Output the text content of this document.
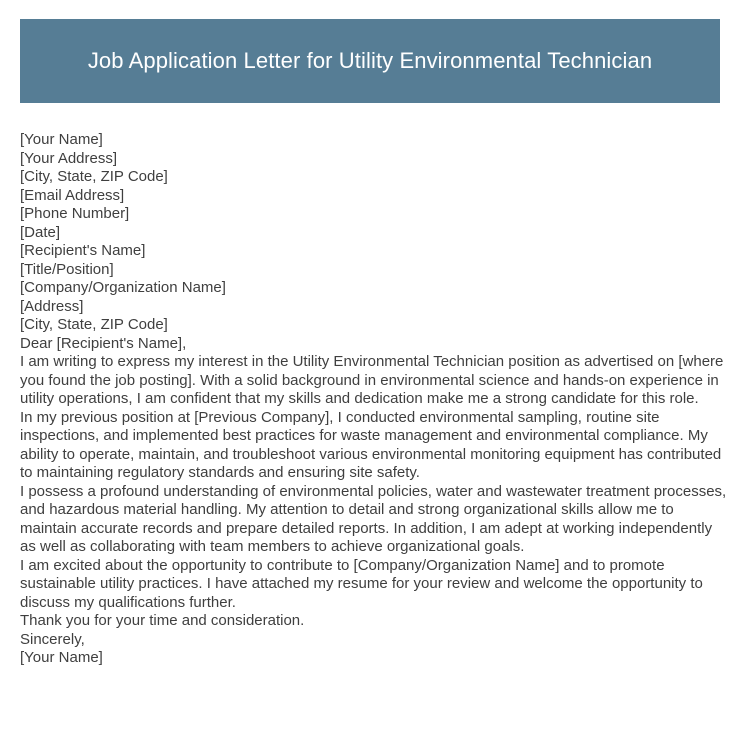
Job Application Letter for Utility Environmental Technician

[Your Name]

[Your Address]

[City, State, ZIP Code]

[Email Address]

[Phone Number]

[Date]

[Recipient's Name]

[Title/Position]

[Company/Organization Name]

[Address]

[City, State, ZIP Code]

Dear [Recipient's Name],

I am writing to express my interest in the Utility Environmental Technician position as advertised on [where you found the job posting]. With a solid background in environmental science and hands-on experience in utility operations, I am confident that my skills and dedication make me a strong candidate for this role.

In my previous position at [Previous Company], I conducted environmental sampling, routine site inspections, and implemented best practices for waste management and environmental compliance. My ability to operate, maintain, and troubleshoot various environmental monitoring equipment has contributed to maintaining regulatory standards and ensuring site safety.

I possess a profound understanding of environmental policies, water and wastewater treatment processes, and hazardous material handling. My attention to detail and strong organizational skills allow me to maintain accurate records and prepare detailed reports. In addition, I am adept at working independently as well as collaborating with team members to achieve organizational goals.

I am excited about the opportunity to contribute to [Company/Organization Name] and to promote sustainable utility practices. I have attached my resume for your review and welcome the opportunity to discuss my qualifications further.

Thank you for your time and consideration.

Sincerely,

[Your Name]
